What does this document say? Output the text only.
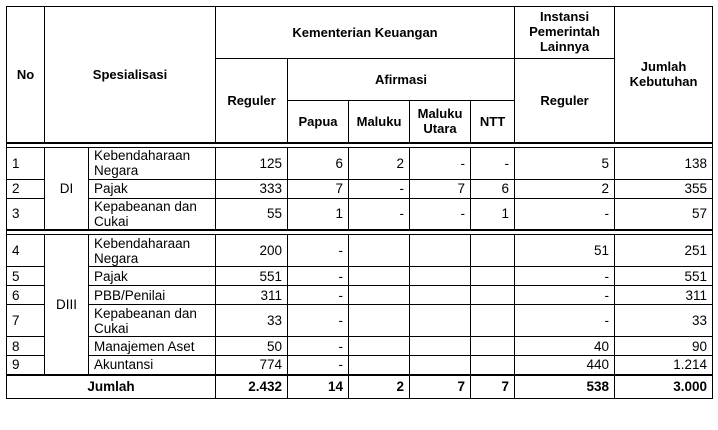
No	Spesialisasi		Kementerian Keuangan					Instansi Pemerintah Lainnya	Jumlah Kebutuhan
			Reguler	Afirmasi				Reguler	
				Papua	Maluku	Maluku Utara	NTT		

1	DI	Kebendaharaan Negara	125	6	2	-	-	5	138
2		Pajak	333	7	-	7	6	2	355
3		Kepabeanan dan Cukai	55	1	-	-	1	-	57

4	DIII	Kebendaharaan Negara	200	-				51	251
5		Pajak	551	-				-	551
6		PBB/Penilai	311	-				-	311
7		Kepabeanan dan Cukai	33	-				-	33
8		Manajemen Aset	50	-				40	90
9		Akuntansi	774	-				440	1.214
Jumlah			2.432	14	2	7	7	538	3.000
